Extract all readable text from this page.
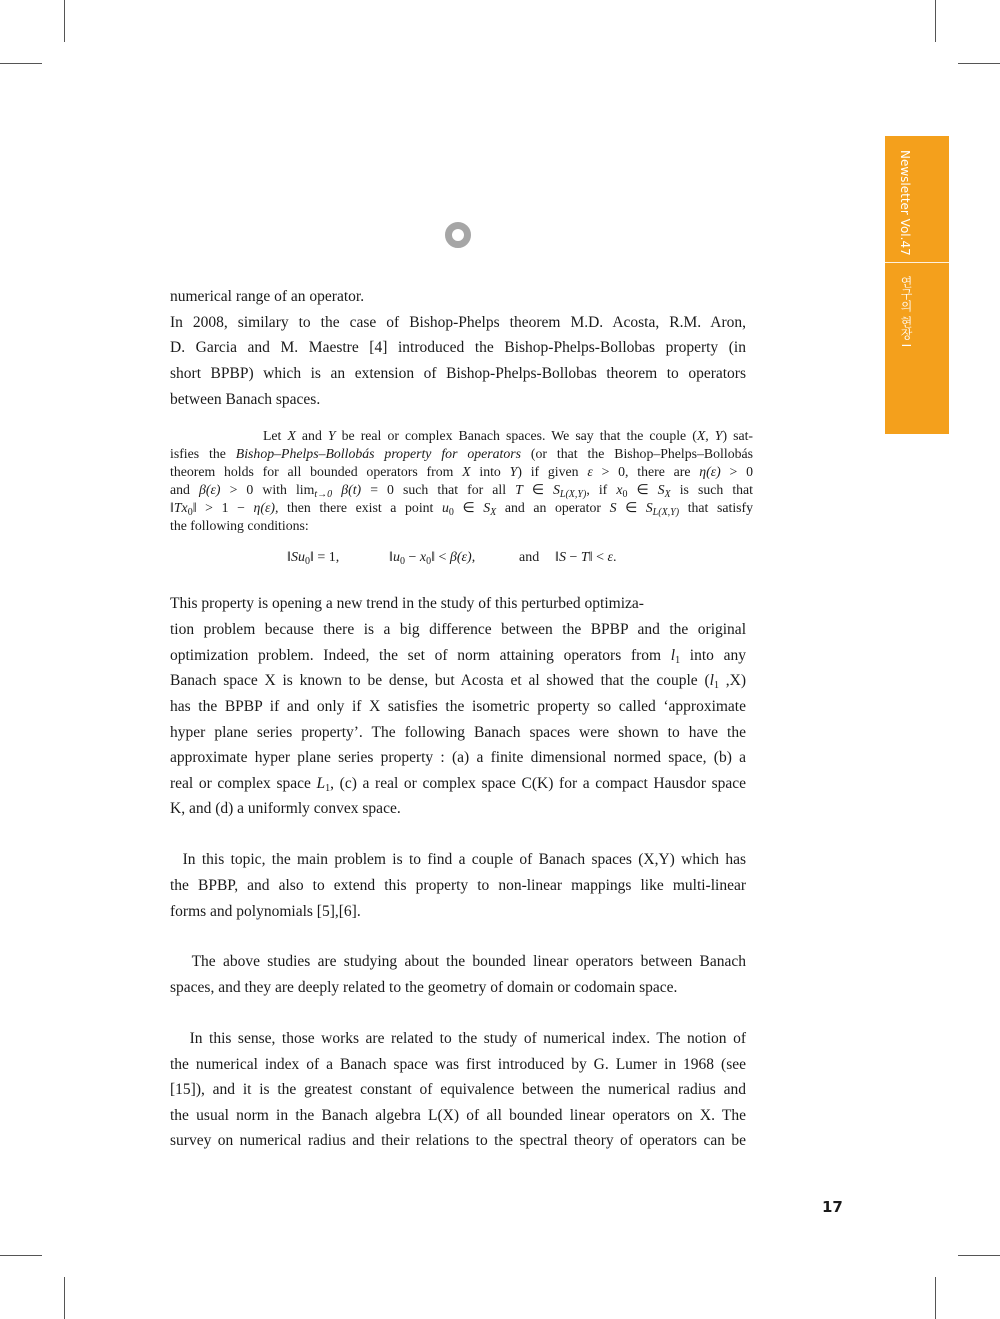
Newsletter Vol.47
연구의 현장 I
numerical range of an operator.
In 2008, similary to the case of Bishop-Phelps theorem M.D. Acosta, R.M. Aron,
D. Garcia and M. Maestre [4] introduced the Bishop-Phelps-Bollobas property (in
short BPBP) which is an extension of Bishop-Phelps-Bollobas theorem to operators
between Banach spaces.
Let X and Y be real or complex Banach spaces. We say that the couple (X, Y) sat-
isfies the Bishop–Phelps–Bollobás property for operators (or that the Bishop–Phelps–Bollobás
theorem holds for all bounded operators from X into Y) if given ε > 0, there are η(ε) > 0
and β(ε) > 0 with $\lim_{t\to 0} \beta(t) = 0$ such that for all T ∈ $S_{L(X,Y)}$, if $x_0$ ∈ $S_X$ is such that
$‖Tx_0‖ > 1 - \eta(\varepsilon)$, then there exist a point $u_0$ ∈ $S_X$ and an operator S ∈ $S_{L(X,Y)}$ that satisfy
the following conditions:
$‖Su_0‖ = 1$,	$‖u_0$ − $x_0‖ < \beta(\varepsilon)$,	and ‖S − T‖ < ε.
This property is opening a new trend in the study of this perturbed optimiza-
tion problem because there is a big difference between the BPBP and the original
optimization problem. Indeed, the set of norm attaining operators from $l_1$ into any
Banach space X is known to be dense, but Acosta et al showed that the couple ($l_1$ ,X)
has the BPBP if and only if X satisfies the isometric property so called ‘approximate
hyper plane series property’. The following Banach spaces were shown to have the
approximate hyper plane series property : (a) a finite dimensional normed space, (b) a
real or complex space $L_1$, (c) a real or complex space C(K) for a compact Hausdor space
K, and (d) a uniformly convex space.
In this topic, the main problem is to find a couple of Banach spaces (X,Y) which has
the BPBP, and also to extend this property to non-linear mappings like multi-linear
forms and polynomials [5],[6].
The above studies are studying about the bounded linear operators between Banach
spaces, and they are deeply related to the geometry of domain or codomain space.
In this sense, those works are related to the study of numerical index. The notion of
the numerical index of a Banach space was first introduced by G. Lumer in 1968 (see
[15]), and it is the greatest constant of equivalence between the numerical radius and
the usual norm in the Banach algebra L(X) of all bounded linear operators on X. The
survey on numerical radius and their relations to the spectral theory of operators can be
17
